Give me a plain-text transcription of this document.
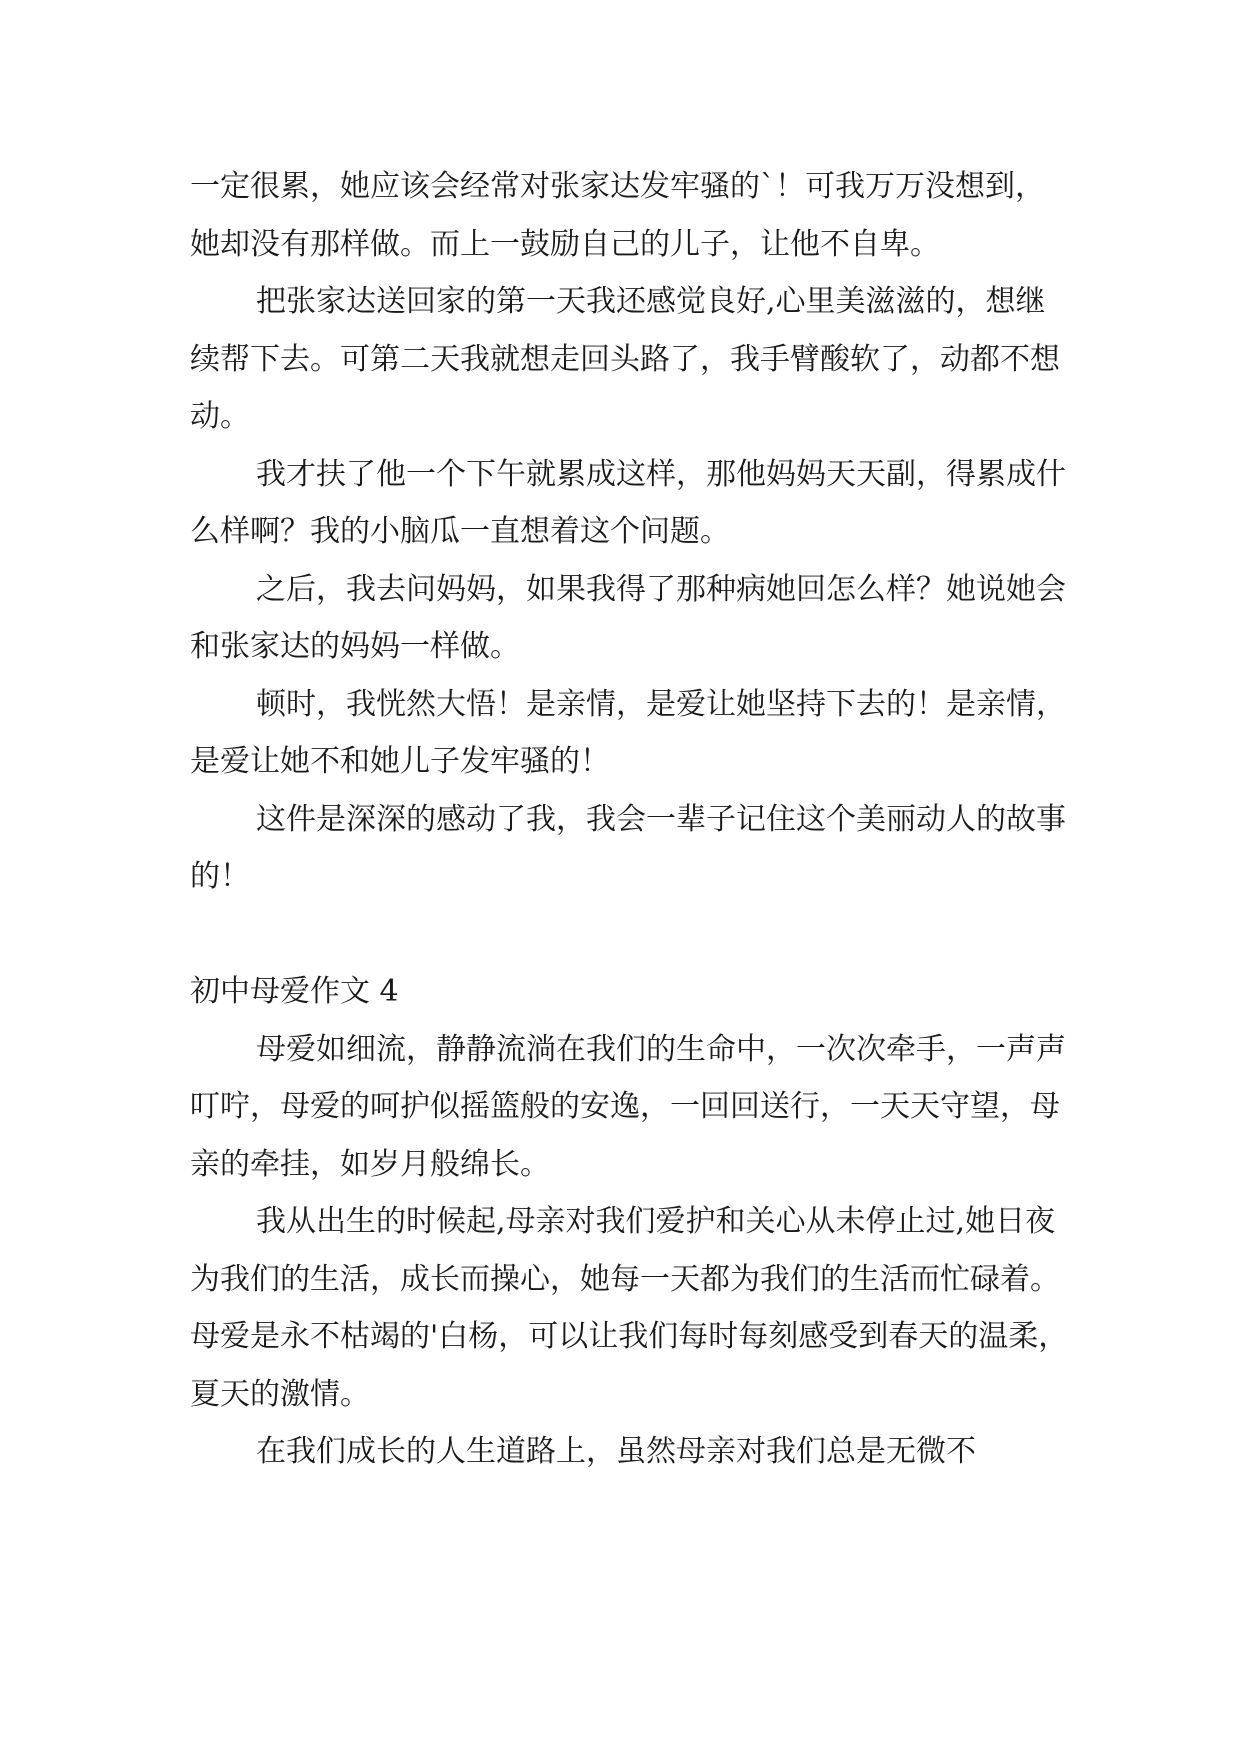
一定很累，她应该会经常对张家达发牢骚的`！可我万万没想到，她却没有那样做。而上一鼓励自己的儿子，让他不自卑。

把张家达送回家的第一天我还感觉良好,心里美滋滋的，想继续帮下去。可第二天我就想走回头路了，我手臂酸软了，动都不想动。

我才扶了他一个下午就累成这样，那他妈妈天天副，得累成什么样啊？我的小脑瓜一直想着这个问题。

之后，我去问妈妈，如果我得了那种病她回怎么样？她说她会和张家达的妈妈一样做。

顿时，我恍然大悟！是亲情，是爱让她坚持下去的！是亲情，是爱让她不和她儿子发牢骚的！

这件是深深的感动了我，我会一辈子记住这个美丽动人的故事的！

初中母爱作文 4

母爱如细流，静静流淌在我们的生命中，一次次牵手，一声声叮咛，母爱的呵护似摇篮般的安逸，一回回送行，一天天守望，母亲的牵挂，如岁月般绵长。

我从出生的时候起,母亲对我们爱护和关心从未停止过,她日夜为我们的生活，成长而操心，她每一天都为我们的生活而忙碌着。母爱是永不枯竭的'白杨，可以让我们每时每刻感受到春天的温柔，夏天的激情。

在我们成长的人生道路上，虽然母亲对我们总是无微不
